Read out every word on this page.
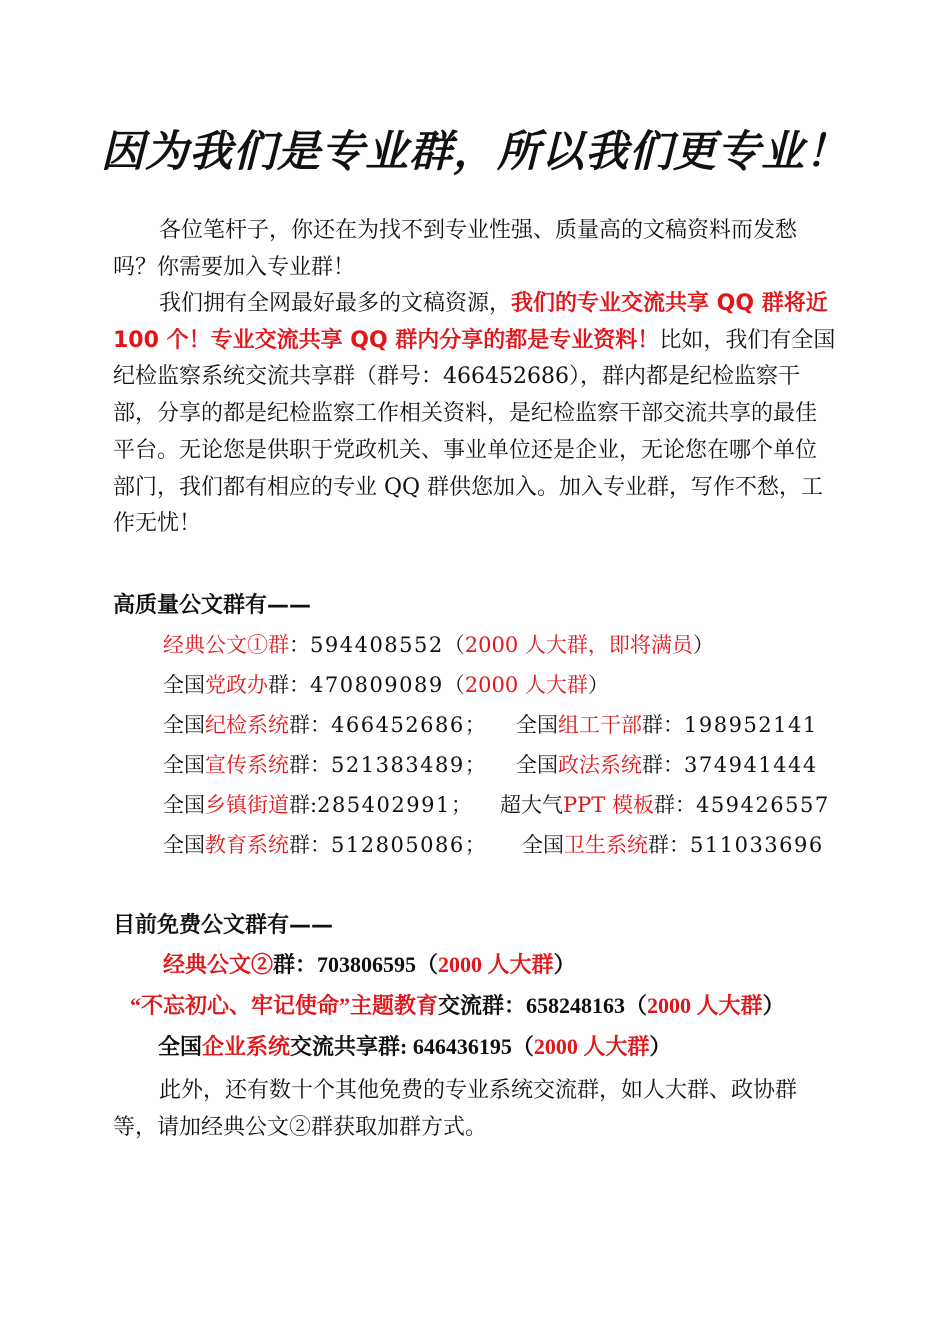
因为我们是专业群，所以我们更专业！

各位笔杆子，你还在为找不到专业性强、质量高的文稿资料而发愁吗？你需要加入专业群！

我们拥有全网最好最多的文稿资源，我们的专业交流共享 QQ 群将近 100 个！专业交流共享 QQ 群内分享的都是专业资料！比如，我们有全国纪检监察系统交流共享群（群号：466452686），群内都是纪检监察干部，分享的都是纪检监察工作相关资料，是纪检监察干部交流共享的最佳平台。无论您是供职于党政机关、事业单位还是企业，无论您在哪个单位部门，我们都有相应的专业 QQ 群供您加入。加入专业群，写作不愁，工作无忧！

高质量公文群有——
经典公文①群：594408552（2000 人大群，即将满员）
全国党政办群：470809089（2000 人大群）
全国纪检系统群：466452686； 全国组工干部群：198952141
全国宣传系统群：521383489； 全国政法系统群：374941444
全国乡镇街道群:285402991； 超大气PPT 模板群：459426557
全国教育系统群：512805086； 全国卫生系统群：511033696
目前免费公文群有——
经典公文②群：703806595（2000 人大群）
“不忘初心、牢记使命”主题教育交流群：658248163（2000 人大群）
全国企业系统交流共享群: 646436195（2000 人大群）

此外，还有数十个其他免费的专业系统交流群，如人大群、政协群等，请加经典公文②群获取加群方式。
